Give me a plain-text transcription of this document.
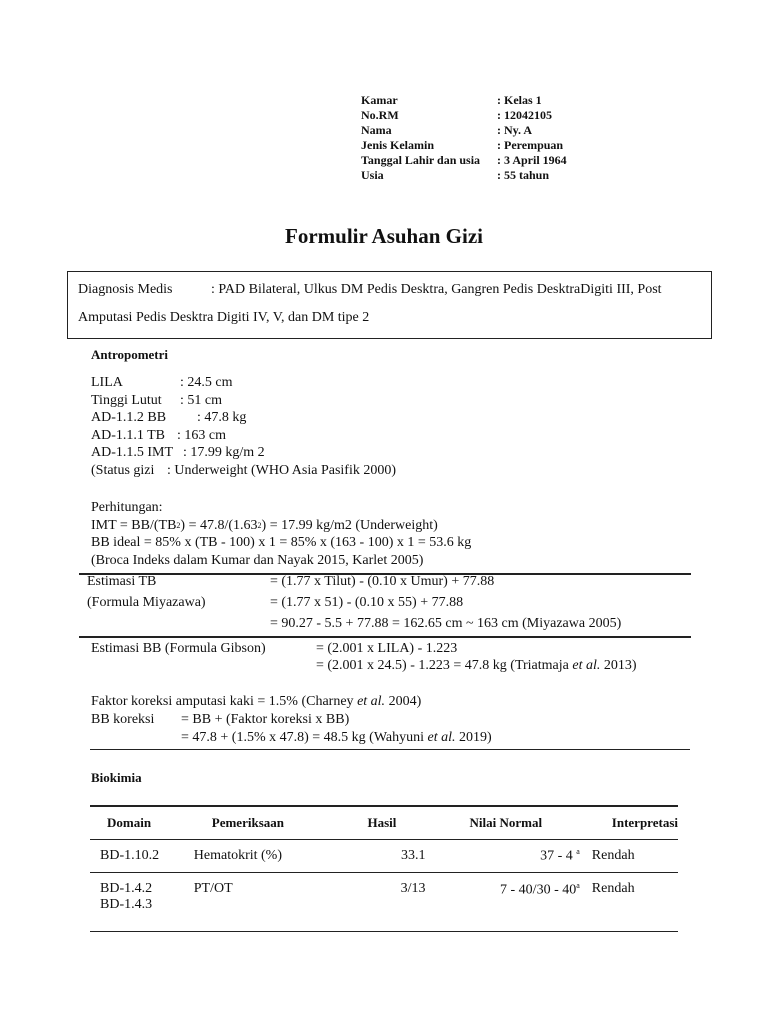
Kamar	: Kelas 1
No.RM	: 12042105
Nama	: Ny. A
Jenis Kelamin	: Perempuan
Tanggal Lahir dan usia	: 3 April 1964
Usia	: 55 tahun
Formulir Asuhan Gizi
Diagnosis Medis	: PAD Bilateral, Ulkus DM Pedis Desktra, Gangren Pedis DesktraDigiti III, Post
Amputasi Pedis Desktra Digiti IV, V, dan DM tipe 2
Antropometri
LILA	: 24.5 cm
Tinggi Lutut	: 51 cm
AD-1.1.2 BB	: 47.8 kg
AD-1.1.1 TB : 163 cm
AD-1.1.5 IMT : 17.99 kg/m 2
(Status gizi : Underweight (WHO Asia Pasifik 2000)
Perhitungan:
IMT = BB/(TB 2 ) = 47.8/(1.63 2 ) = 17.99 kg/m2 (Underweight)
BB ideal = 85% x (TB - 100) x 1 = 85% x (163 - 100) x 1 = 53.6 kg
(Broca Indeks dalam Kumar dan Nayak 2015, Karlet 2005)
Estimasi TB	= (1.77 x Tilut) - (0.10 x Umur) + 77.88
(Formula Miyazawa)	= (1.77 x 51) - (0.10 x 55) + 77.88
= 90.27 - 5.5 + 77.88 = 162.65 cm ~ 163 cm (Miyazawa 2005)
Estimasi BB (Formula Gibson)	= (2.001 x LILA) - 1.223
= (2.001 x 24.5) - 1.223 = 47.8 kg (Triatmaja et al. 2013)
Faktor koreksi amputasi kaki = 1.5% (Charney et al. 2004)
BB koreksi = BB + (Faktor koreksi x BB)
= 47.8 + (1.5% x 47.8) = 48.5 kg (Wahyuni et al. 2019)
Biokimia
Domain	Pemeriksaan	Hasil	Nilai Normal	Interpretasi
BD-1.10.2	Hematokrit (%)	33.1	37 - 4 $^a$	Rendah

BD-1.4.2
BD-1.4.3	PT/OT	3/13	7 - 40/30 - 40$^a$	Rendah
